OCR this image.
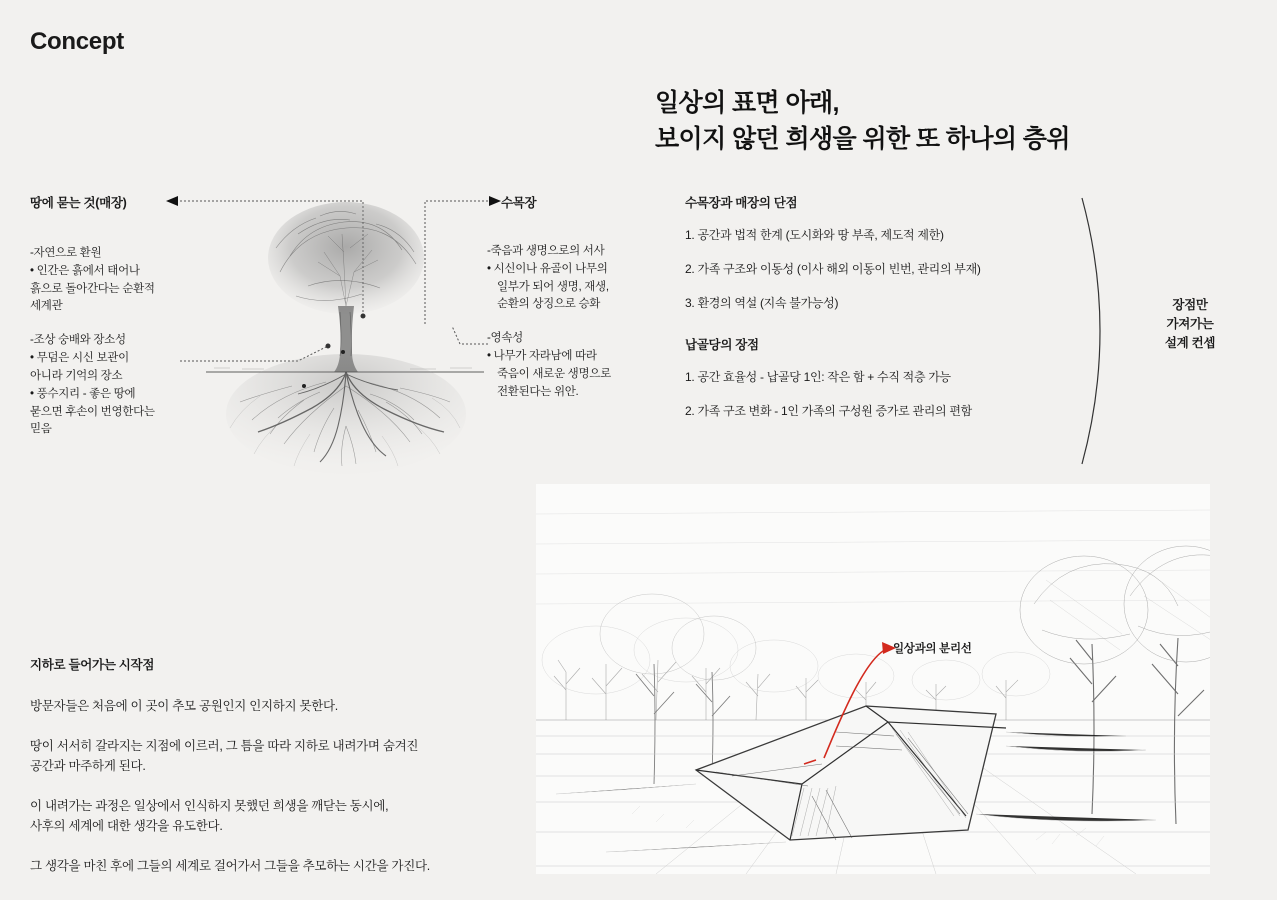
Concept
일상의 표면 아래,
보이지 않던 희생을 위한 또 하나의 층위
땅에 묻는 것(매장)

-자연으로 환원

• 인간은 흙에서 태어나

흙으로 돌아간다는 순환적

세계관

-조상 숭배와 장소성

• 무덤은 시신 보관이

아니라 기억의 장소

• 풍수지리 - 좋은 땅에

묻으면 후손이 번영한다는

믿음

수목장

-죽음과 생명으로의 서사

• 시신이나 유골이 나무의

일부가 되어 생명, 재생,

순환의 상징으로 승화

-영속성

• 나무가 자라남에 따라

죽음이 새로운 생명으로

전환된다는 위안.

수목장과 매장의 단점
1. 공간과 법적 한계 (도시화와 땅 부족, 제도적 제한)
2. 가족 구조와 이동성 (이사 해외 이동이 빈번, 관리의 부재)
3. 환경의 역설 (지속 불가능성)
납골당의 장점
1. 공간 효율성 - 납골당 1인: 작은 함 + 수직 적층 가능
2. 가족 구조 변화 - 1인 가족의 구성원 증가로 관리의 편함
장점만
가져가는
설계 컨셉
지하로 들어가는 시작점
방문자들은 처음에 이 곳이 추모 공원인지 인지하지 못한다.
땅이 서서히 갈라지는 지점에 이르러, 그 틈을 따라 지하로 내려가며 숨겨진
공간과 마주하게 된다.
이 내려가는 과정은 일상에서 인식하지 못했던 희생을 깨닫는 동시에,
사후의 세계에 대한 생각을 유도한다.
그 생각을 마친 후에 그들의 세계로 걸어가서 그들을 추모하는 시간을 가진다.
일상과의 분리선
